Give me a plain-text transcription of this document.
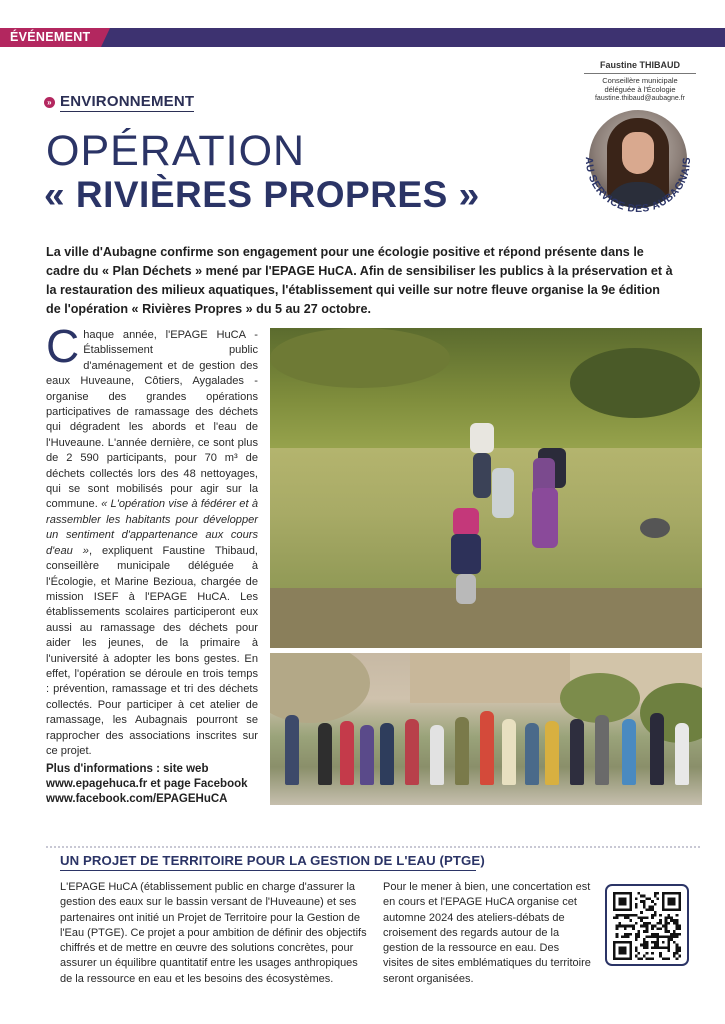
ÉVÉNEMENT
» ENVIRONNEMENT
OPÉRATION
« RIVIÈRES PROPRES »
Faustine THIBAUD
Conseillère municipale
déléguée à l'Écologie
faustine.thibaud@aubagne.fr
AU SERVICE DES AUBAGNAIS
La ville d'Aubagne confirme son engagement pour une écologie positive et répond présente dans le cadre du « Plan Déchets » mené par l'EPAGE HuCA. Afin de sensibiliser les publics à la préservation et à la restauration des milieux aquatiques, l'établissement qui veille sur notre fleuve organise la 9e édition de l'opération « Rivières Propres » du 5 au 27 octobre.
Chaque année, l'EPAGE HuCA - Établissement public d'aménagement et de gestion des eaux Huveaune, Côtiers, Aygalades - organise des grandes opérations participatives de ramassage des déchets qui dégradent les abords et l'eau de l'Huveaune. L'année dernière, ce sont plus de 2 590 participants, pour 70 m³ de déchets collectés lors des 48 nettoyages, qui se sont mobilisés pour agir sur la commune. « L'opération vise à fédérer et à rassembler les habitants pour développer un sentiment d'appartenance aux cours d'eau », expliquent Faustine Thibaud, conseillère municipale déléguée à l'Écologie, et Marine Bezioua, chargée de mission ISEF à l'EPAGE HuCA. Les établissements scolaires participeront eux aussi au ramassage des déchets pour aider les jeunes, de la primaire à l'université à adopter les bons gestes. En effet, l'opération se déroule en trois temps : prévention, ramassage et tri des déchets collectés. Pour participer à cet atelier de ramassage, les Aubagnais pourront se rapprocher des associations inscrites sur ce projet.
Plus d'informations : site web
www.epagehuca.fr et page Facebook
www.facebook.com/EPAGEHuCA
UN PROJET DE TERRITOIRE POUR LA GESTION DE L'EAU (PTGE)
L'EPAGE HuCA (établissement public en charge d'assurer la gestion des eaux sur le bassin versant de l'Huveaune) et ses partenaires ont initié un Projet de Territoire pour la Gestion de l'Eau (PTGE). Ce projet a pour ambition de définir des objectifs chiffrés et de mettre en œuvre des solutions concrètes, pour assurer un équilibre quantitatif entre les usages anthropiques de la ressource en eau et les besoins des écosystèmes.
Pour le mener à bien, une concertation est en cours et l'EPAGE HuCA organise cet automne 2024 des ateliers-débats de croisement des regards autour de la gestion de la ressource en eau. Des visites de sites emblématiques du territoire seront organisées.
